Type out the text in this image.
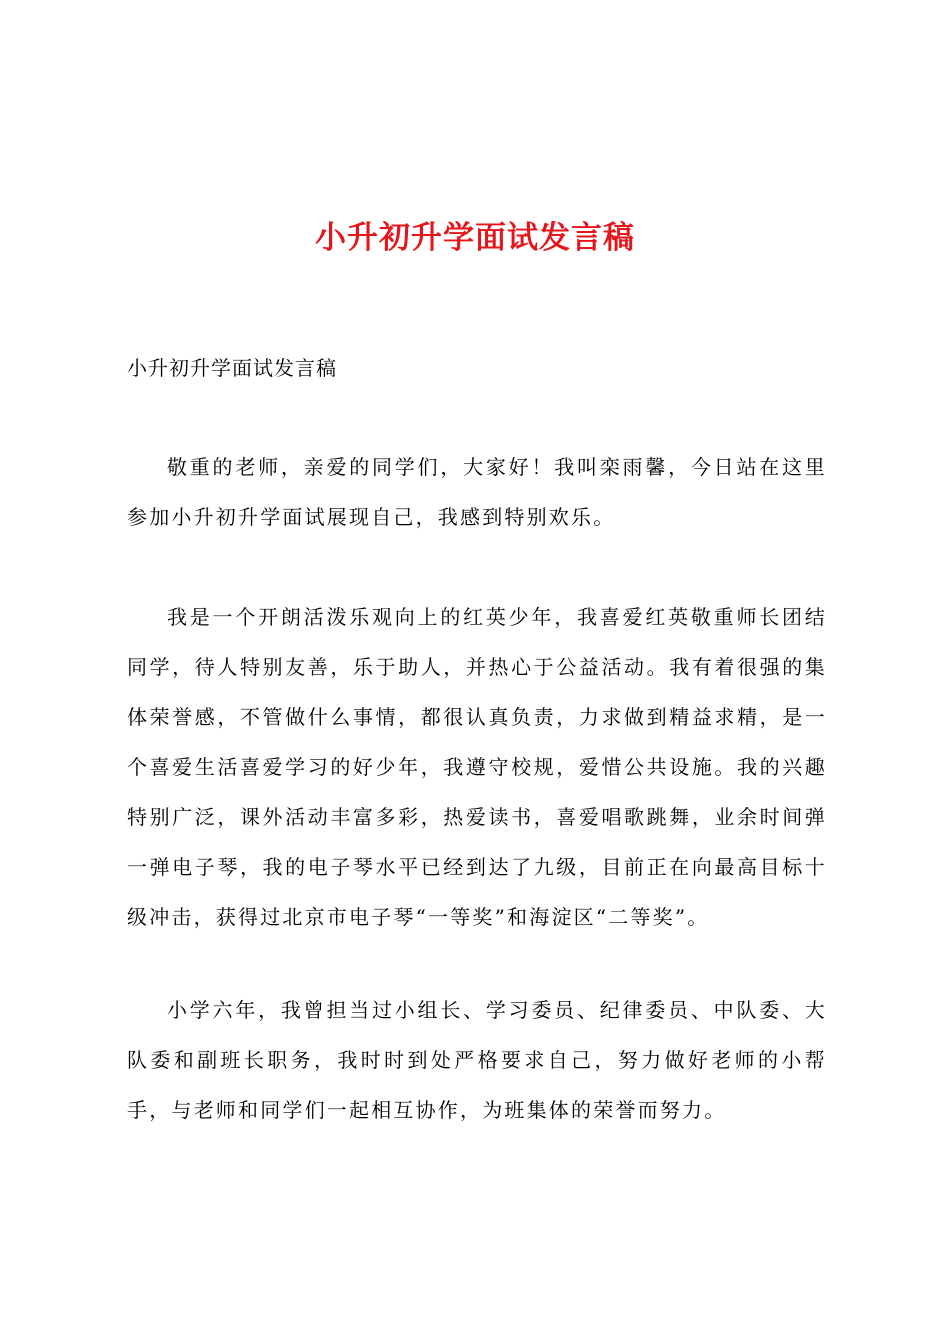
小升初升学面试发言稿

小升初升学面试发言稿

敬重的老师，亲爱的同学们，大家好！我叫栾雨馨，今日站在这里参加小升初升学面试展现自己，我感到特别欢乐。

我是一个开朗活泼乐观向上的红英少年，我喜爱红英敬重师长团结同学，待人特别友善，乐于助人，并热心于公益活动。我有着很强的集体荣誉感，不管做什么事情，都很认真负责，力求做到精益求精，是一个喜爱生活喜爱学习的好少年，我遵守校规，爱惜公共设施。我的兴趣特别广泛，课外活动丰富多彩，热爱读书，喜爱唱歌跳舞，业余时间弹一弹电子琴，我的电子琴水平已经到达了九级，目前正在向最高目标十级冲击，获得过北京市电子琴“一等奖”和海淀区“二等奖”。

小学六年，我曾担当过小组长、学习委员、纪律委员、中队委、大队委和副班长职务，我时时到处严格要求自己，努力做好老师的小帮手，与老师和同学们一起相互协作，为班集体的荣誉而努力。
